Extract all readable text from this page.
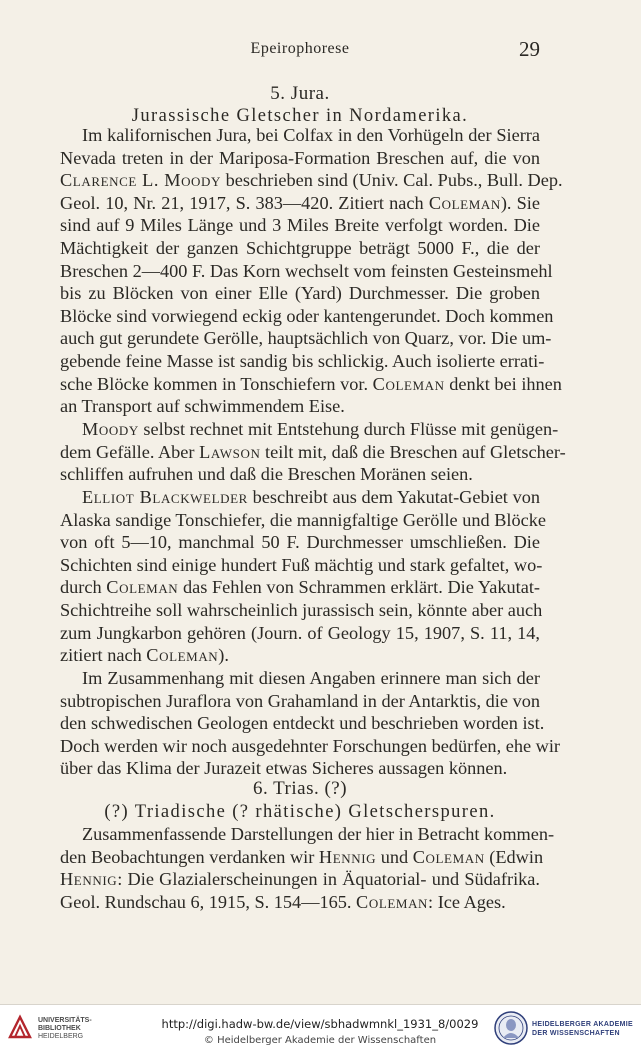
Epeirophorese	29
5. Jura.
Jurassische Gletscher in Nordamerika.
Im kalifornischen Jura, bei Colfax in den Vorhügeln der Sierra
Nevada treten in der Mariposa-Formation Breschen auf, die von
Clarence L. Moody beschrieben sind (Univ. Cal. Pubs., Bull. Dep.
Geol. 10, Nr. 21, 1917, S. 383—420. Zitiert nach Coleman). Sie
sind auf 9 Miles Länge und 3 Miles Breite verfolgt worden. Die
Mächtigkeit der ganzen Schichtgruppe beträgt 5000 F., die der
Breschen 2—400 F. Das Korn wechselt vom feinsten Gesteinsmehl
bis zu Blöcken von einer Elle (Yard) Durchmesser. Die groben
Blöcke sind vorwiegend eckig oder kantengerundet. Doch kommen
auch gut gerundete Gerölle, hauptsächlich von Quarz, vor. Die um-
gebende feine Masse ist sandig bis schlickig. Auch isolierte errati-
sche Blöcke kommen in Tonschiefern vor. Coleman denkt bei ihnen
an Transport auf schwimmendem Eise.
Moody selbst rechnet mit Entstehung durch Flüsse mit genügen-
dem Gefälle. Aber Lawson teilt mit, daß die Breschen auf Gletscher-
schliffen aufruhen und daß die Breschen Moränen seien.
Elliot Blackwelder beschreibt aus dem Yakutat-Gebiet von
Alaska sandige Tonschiefer, die mannigfaltige Gerölle und Blöcke
von oft 5—10, manchmal 50 F. Durchmesser umschließen. Die
Schichten sind einige hundert Fuß mächtig und stark gefaltet, wo-
durch Coleman das Fehlen von Schrammen erklärt. Die Yakutat-
Schichtreihe soll wahrscheinlich jurassisch sein, könnte aber auch
zum Jungkarbon gehören (Journ. of Geology 15, 1907, S. 11, 14,
zitiert nach Coleman).
Im Zusammenhang mit diesen Angaben erinnere man sich der
subtropischen Juraflora von Grahamland in der Antarktis, die von
den schwedischen Geologen entdeckt und beschrieben worden ist.
Doch werden wir noch ausgedehnter Forschungen bedürfen, ehe wir
über das Klima der Jurazeit etwas Sicheres aussagen können.
6. Trias. (?)
(?) Triadische (? rhätische) Gletscherspuren.
Zusammenfassende Darstellungen der hier in Betracht kommen-
den Beobachtungen verdanken wir Hennig und Coleman (Edwin
Hennig: Die Glazialerscheinungen in Äquatorial- und Südafrika.
Geol. Rundschau 6, 1915, S. 154—165. Coleman: Ice Ages.
UNIVERSITÄTS-
BIBLIOTHEK
HEIDELBERG
http://digi.hadw-bw.de/view/sbhadwmnkl_1931_8/0029
© Heidelberger Akademie der Wissenschaften
HEIDELBERGER AKADEMIE
DER WISSENSCHAFTEN
